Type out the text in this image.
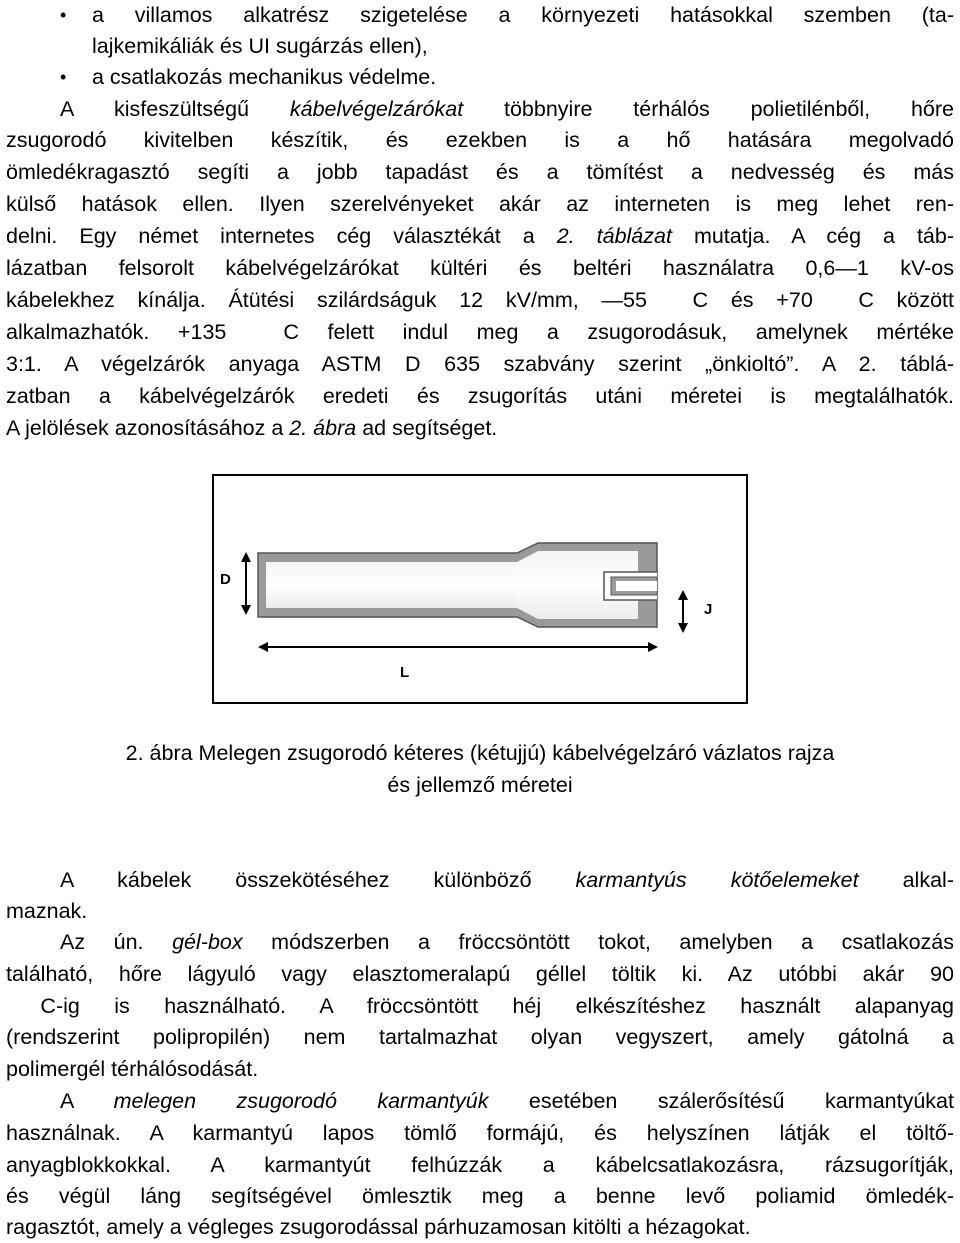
• a villamos alkatrész szigetelése a környezeti hatásokkal szemben (ta-
lajkemikáliák és UI sugárzás ellen),
• a csatlakozás mechanikus védelme.
A kisfeszültségű kábelvégelzárókat többnyire térhálós polietilénből, hőre
zsugorodó kivitelben készítik, és ezekben is a hő hatására megolvadó
ömledékragasztó segíti a jobb tapadást és a tömítést a nedvesség és más
külső hatások ellen. Ilyen szerelvényeket akár az interneten is meg lehet ren-
delni. Egy német internetes cég választékát a 2. táblázat mutatja. A cég a táb-
lázatban felsorolt kábelvégelzárókat kültéri és beltéri használatra 0,6—1 kV-os
kábelekhez kínálja. Átütési szilárdságuk 12 kV/mm, —55  C és +70  C között
alkalmazhatók. +135  C felett indul meg a zsugorodásuk, amelynek mértéke
3:1. A végelzárók anyaga ASTM D 635 szabvány szerint „önkioltó”. A 2. táblá-
zatban a kábelvégelzárók eredeti és zsugorítás utáni méretei is megtalálhatók.
A jelölések azonosításához a 2. ábra ad segítséget.
D
J
L
2. ábra Melegen zsugorodó kéteres (kétujjú) kábelvégelzáró vázlatos rajza
és jellemző méretei
A kábelek összekötéséhez különböző karmantyús kötőelemeket alkal-
maznak.
Az ún. gél-box módszerben a fröccsöntött tokot, amelyben a csatlakozás
található, hőre lágyuló vagy elasztomeralapú géllel töltik ki. Az utóbbi akár 90
C-ig is használható. A fröccsöntött héj elkészítéshez használt alapanyag
(rendszerint polipropilén) nem tartalmazhat olyan vegyszert, amely gátolná a
polimergél térhálósodását.
A melegen zsugorodó karmantyúk esetében szálerősítésű karmantyúkat
használnak. A karmantyú lapos tömlő formájú, és helyszínen látják el töltő-
anyagblokkokkal. A karmantyút felhúzzák a kábelcsatlakozásra, rázsugorítják,
és végül láng segítségével ömlesztik meg a benne levő poliamid ömledék-
ragasztót, amely a végleges zsugorodással párhuzamosan kitölti a hézagokat.
